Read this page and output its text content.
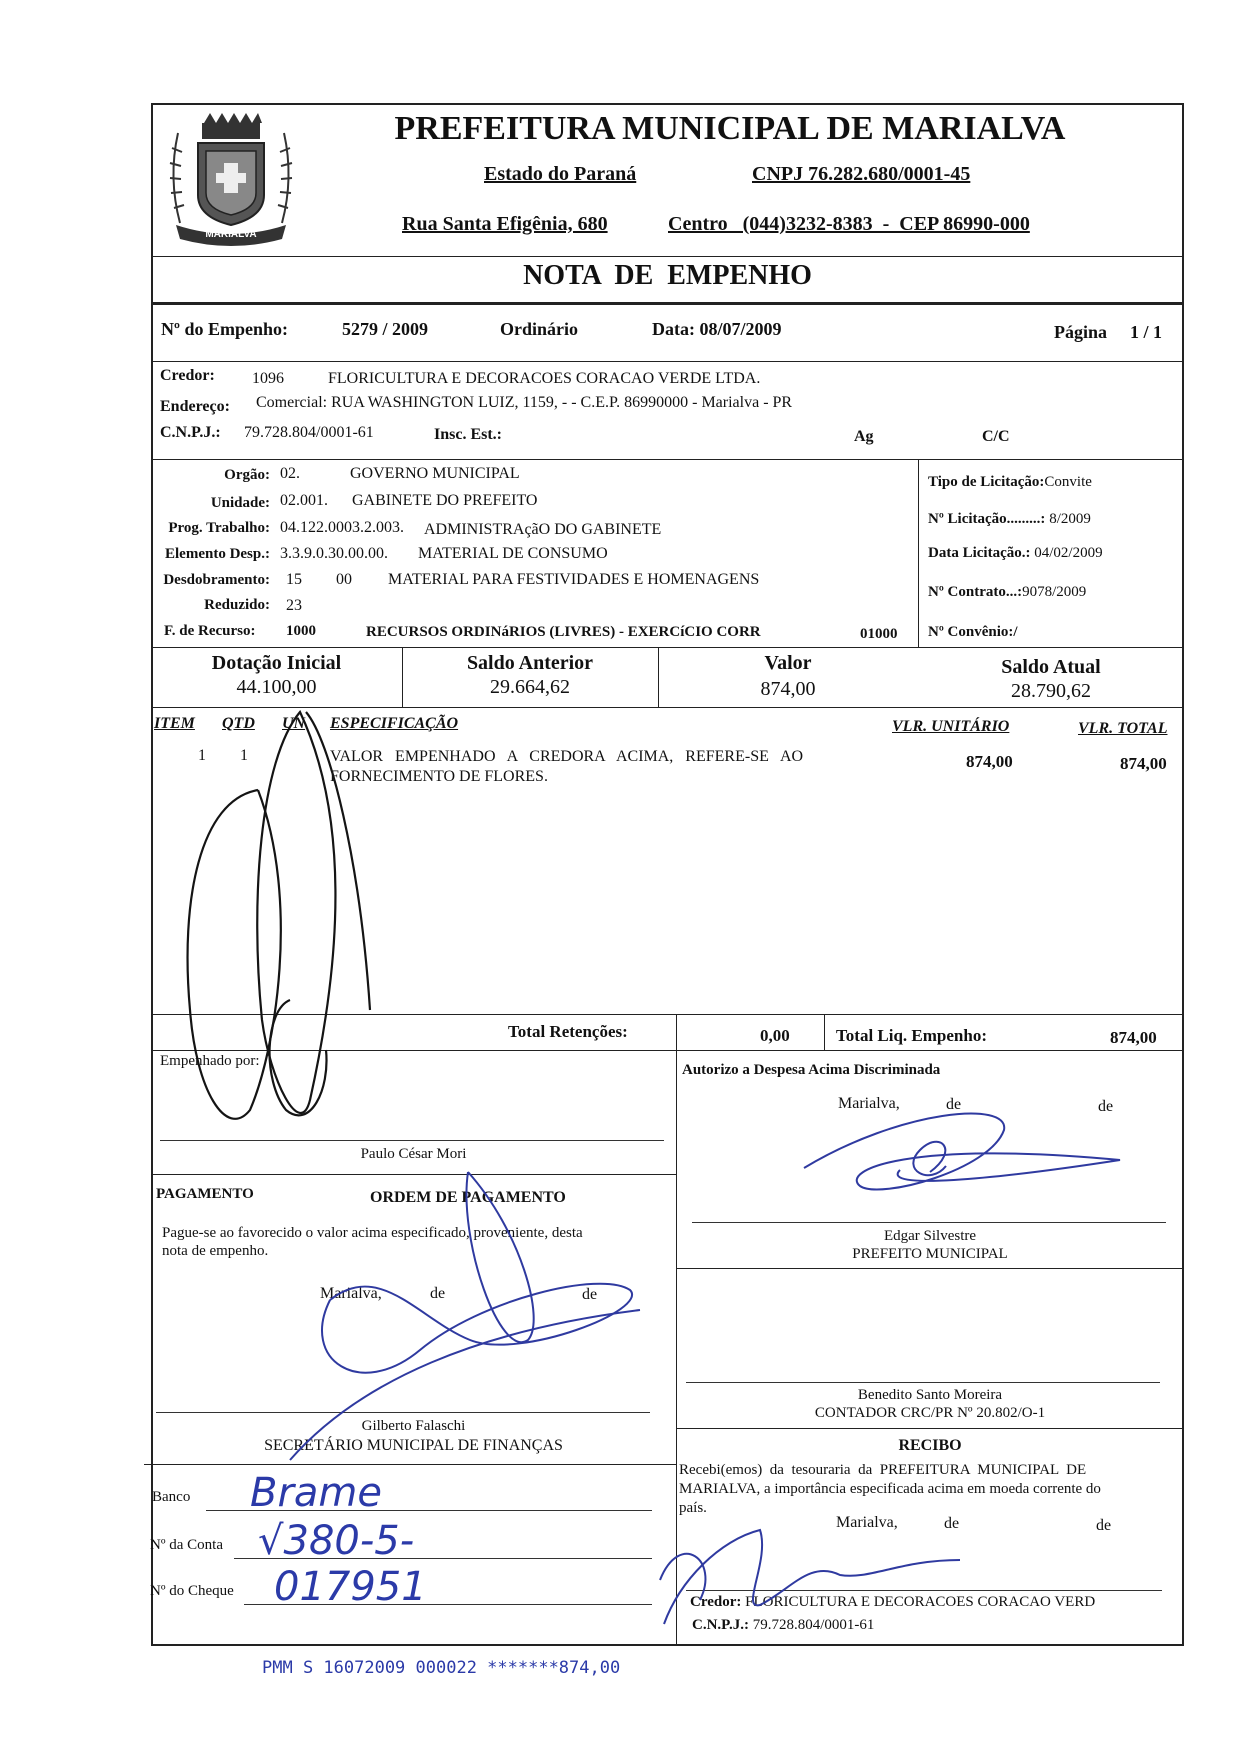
MARIALVA
PREFEITURA MUNICIPAL DE MARIALVA
Estado do Paraná	CNPJ 76.282.680/0001-45
Rua Santa Efigênia, 680	Centro   (044)3232-8383  -  CEP 86990-000
NOTA  DE  EMPENHO
Nº do Empenho:	5279 / 2009	Ordinário	Data: 08/07/2009	Página 1 / 1
Credor: 1096	FLORICULTURA E DECORACOES CORACAO VERDE LTDA.
Endereço: Comercial: RUA WASHINGTON LUIZ, 1159, - - C.E.P. 86990000 - Marialva - PR
C.N.P.J.: 79.728.804/0001-61	Insc. Est.:	Ag	C/C
Orgão: 02.	GOVERNO MUNICIPAL
Unidade: 02.001. GABINETE DO PREFEITO
Prog. Trabalho: 04.122.0003.2.003. ADMINISTRAçãO DO GABINETE
Elemento Desp.: 3.3.9.0.30.00.00. MATERIAL DE CONSUMO
Desdobramento: 15 00 MATERIAL PARA FESTIVIDADES E HOMENAGENS
Reduzido: 23
F. de Recurso: 1000	RECURSOS ORDINáRIOS (LIVRES) - EXERCíCIO CORR	01000
Tipo de Licitação:Convite
Nº Licitação.........: 8/2009
Data Licitação.: 04/02/2009
Nº Contrato...:9078/2009
Nº Convênio:/
Dotação Inicial
44.100,00
Saldo Anterior
29.664,62
Valor
874,00
Saldo Atual
28.790,62
ITEM QTD UN ESPECIFICAÇÃO	VLR. UNITÁRIO	VLR. TOTAL
1 1	VALOR   EMPENHADO   A   CREDORA   ACIMA,   REFERE-SE   AO
FORNECIMENTO DE FLORES.
874,00	874,00
Total Retenções:	0,00	Total Liq. Empenho:	874,00
Empenhado por:
Paulo César Mori
Autorizo a Despesa Acima Discriminada
Marialva,	de	de
Edgar Silvestre
PREFEITO MUNICIPAL
Benedito Santo Moreira
CONTADOR CRC/PR Nº 20.802/O-1
PAGAMENTO	ORDEM DE PAGAMENTO
Pague-se ao favorecido o valor acima especificado, proveniente, desta
nota de empenho.
Marialva,	de	de
Gilberto Falaschi
SECRETÁRIO MUNICIPAL DE FINANÇAS
Banco Brame
Nº da Conta √380-5-
Nº do Cheque 017951
RECIBO
Recebi(emos)  da  tesouraria  da  PREFEITURA  MUNICIPAL  DE
MARIALVA, a importância especificada acima em moeda corrente do
país.
Marialva,	de	de
Credor: FLORICULTURA E DECORACOES CORACAO VERD
C.N.P.J.: 79.728.804/0001-61
PMM S 16072009 000022 *******874,00
